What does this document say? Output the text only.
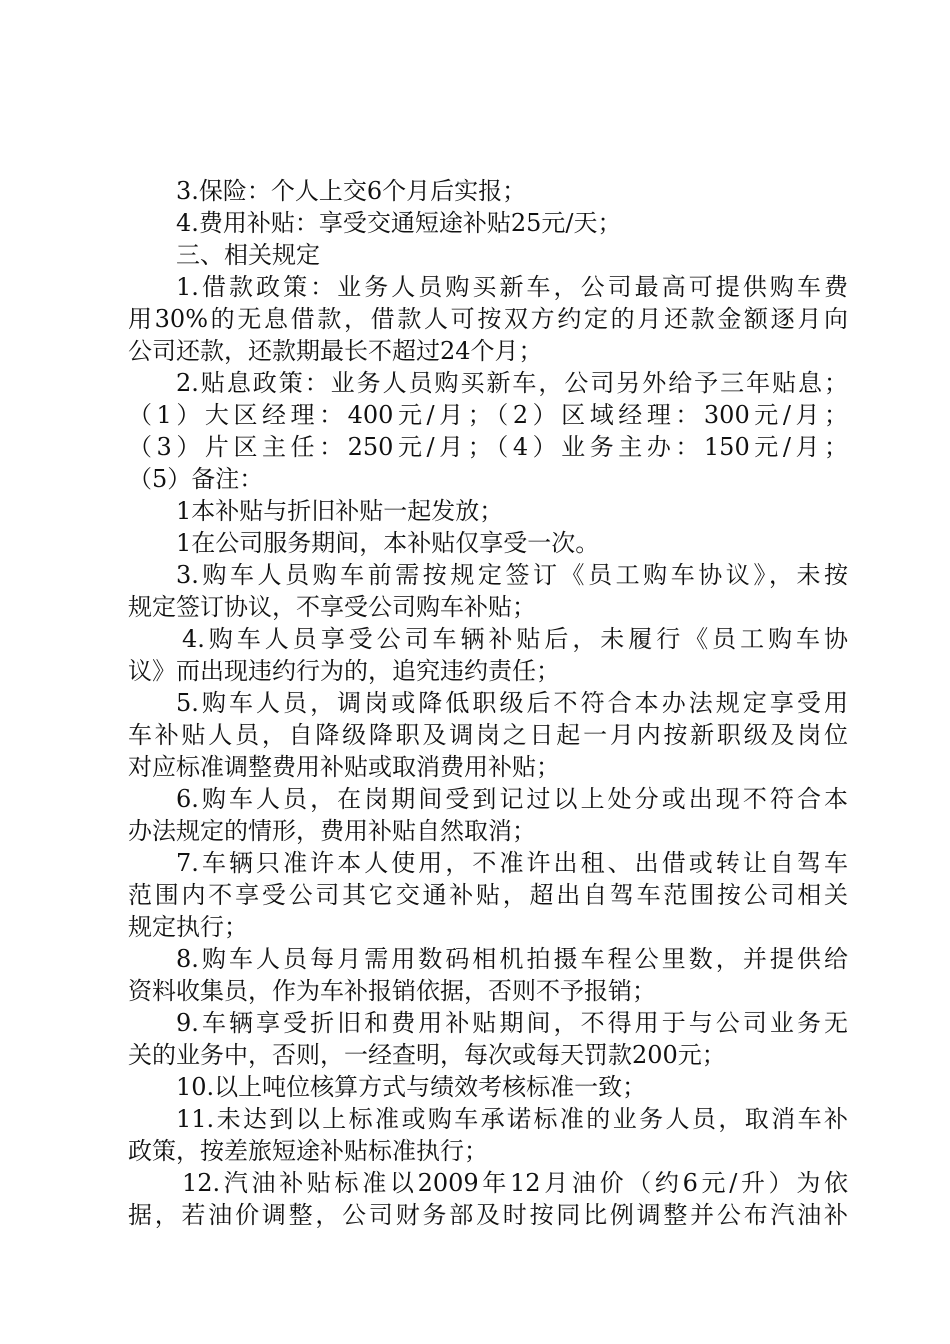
3.保险：个人上交6个月后实报；
4.费用补贴：享受交通短途补贴25元/天；
三、相关规定
1.借款政策：业务人员购买新车，公司最高可提供购车费
用30%的无息借款，借款人可按双方约定的月还款金额逐月向
公司还款，还款期最长不超过24个月；
2.贴息政策：业务人员购买新车，公司另外给予三年贴息；
（1）大区经理：400元/月；（2）区域经理：300元/月；
（3）片区主任：250元/月；（4）业务主办：150元/月；
（5）备注：
1本补贴与折旧补贴一起发放；
1在公司服务期间，本补贴仅享受一次。
3.购车人员购车前需按规定签订《员工购车协议》，未按
规定签订协议，不享受公司购车补贴；
4.购车人员享受公司车辆补贴后，未履行《员工购车协
议》而出现违约行为的，追究违约责任；
5.购车人员，调岗或降低职级后不符合本办法规定享受用
车补贴人员，自降级降职及调岗之日起一月内按新职级及岗位
对应标准调整费用补贴或取消费用补贴；
6.购车人员，在岗期间受到记过以上处分或出现不符合本
办法规定的情形，费用补贴自然取消；
7.车辆只准许本人使用，不准许出租、出借或转让自驾车
范围内不享受公司其它交通补贴，超出自驾车范围按公司相关
规定执行；
8.购车人员每月需用数码相机拍摄车程公里数，并提供给
资料收集员，作为车补报销依据，否则不予报销；
9.车辆享受折旧和费用补贴期间，不得用于与公司业务无
关的业务中，否则，一经查明，每次或每天罚款200元；
10.以上吨位核算方式与绩效考核标准一致；
11.未达到以上标准或购车承诺标准的业务人员，取消车补
政策，按差旅短途补贴标准执行；
12.汽油补贴标准以2009年12月油价（约6元/升）为依
据，若油价调整，公司财务部及时按同比例调整并公布汽油补
